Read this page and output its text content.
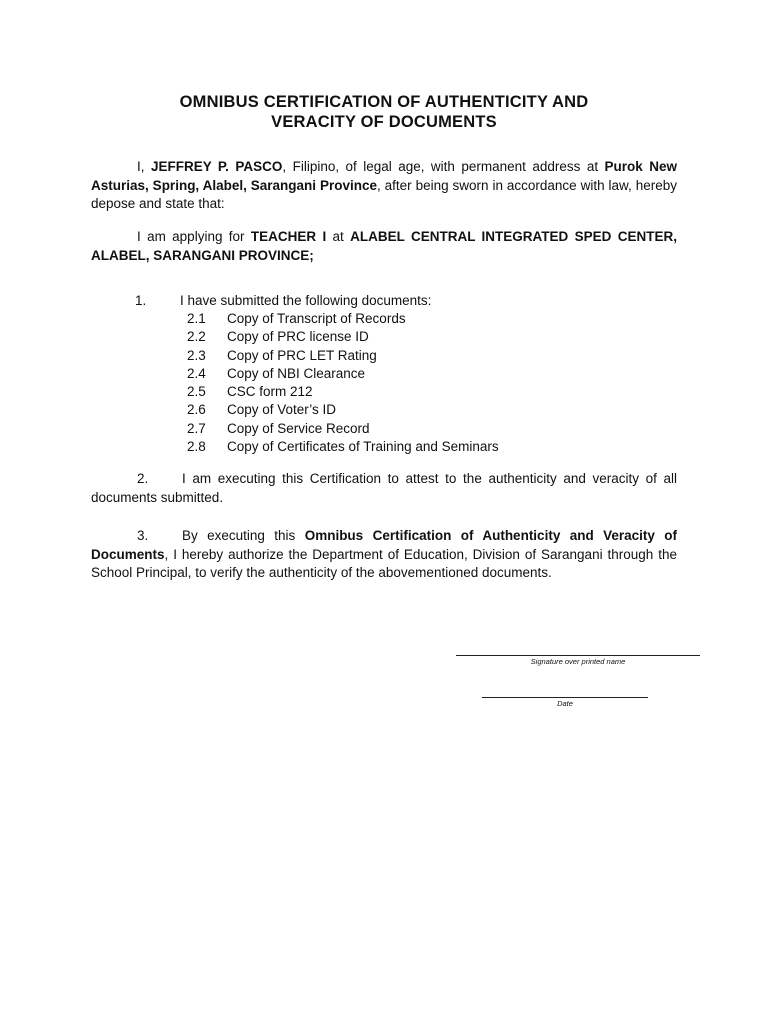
OMNIBUS CERTIFICATION OF AUTHENTICITY AND
VERACITY OF DOCUMENTS
I, JEFFREY P. PASCO, Filipino, of legal age, with permanent address at Purok New Asturias, Spring, Alabel, Sarangani Province, after being sworn in accordance with law, hereby depose and state that:
I am applying for TEACHER I at ALABEL CENTRAL INTEGRATED SPED CENTER, ALABEL, SARANGANI PROVINCE;
1. I have submitted the following documents:
2.1 Copy of Transcript of Records
2.2 Copy of PRC license ID
2.3 Copy of PRC LET Rating
2.4 Copy of NBI Clearance
2.5 CSC form 212
2.6 Copy of Voter’s ID
2.7 Copy of Service Record
2.8 Copy of Certificates of Training and Seminars
2. I am executing this Certification to attest to the authenticity and veracity of all documents submitted.
3. By executing this Omnibus Certification of Authenticity and Veracity of Documents, I hereby authorize the Department of Education, Division of Sarangani through the School Principal, to verify the authenticity of the abovementioned documents.
Signature over printed name
Date
